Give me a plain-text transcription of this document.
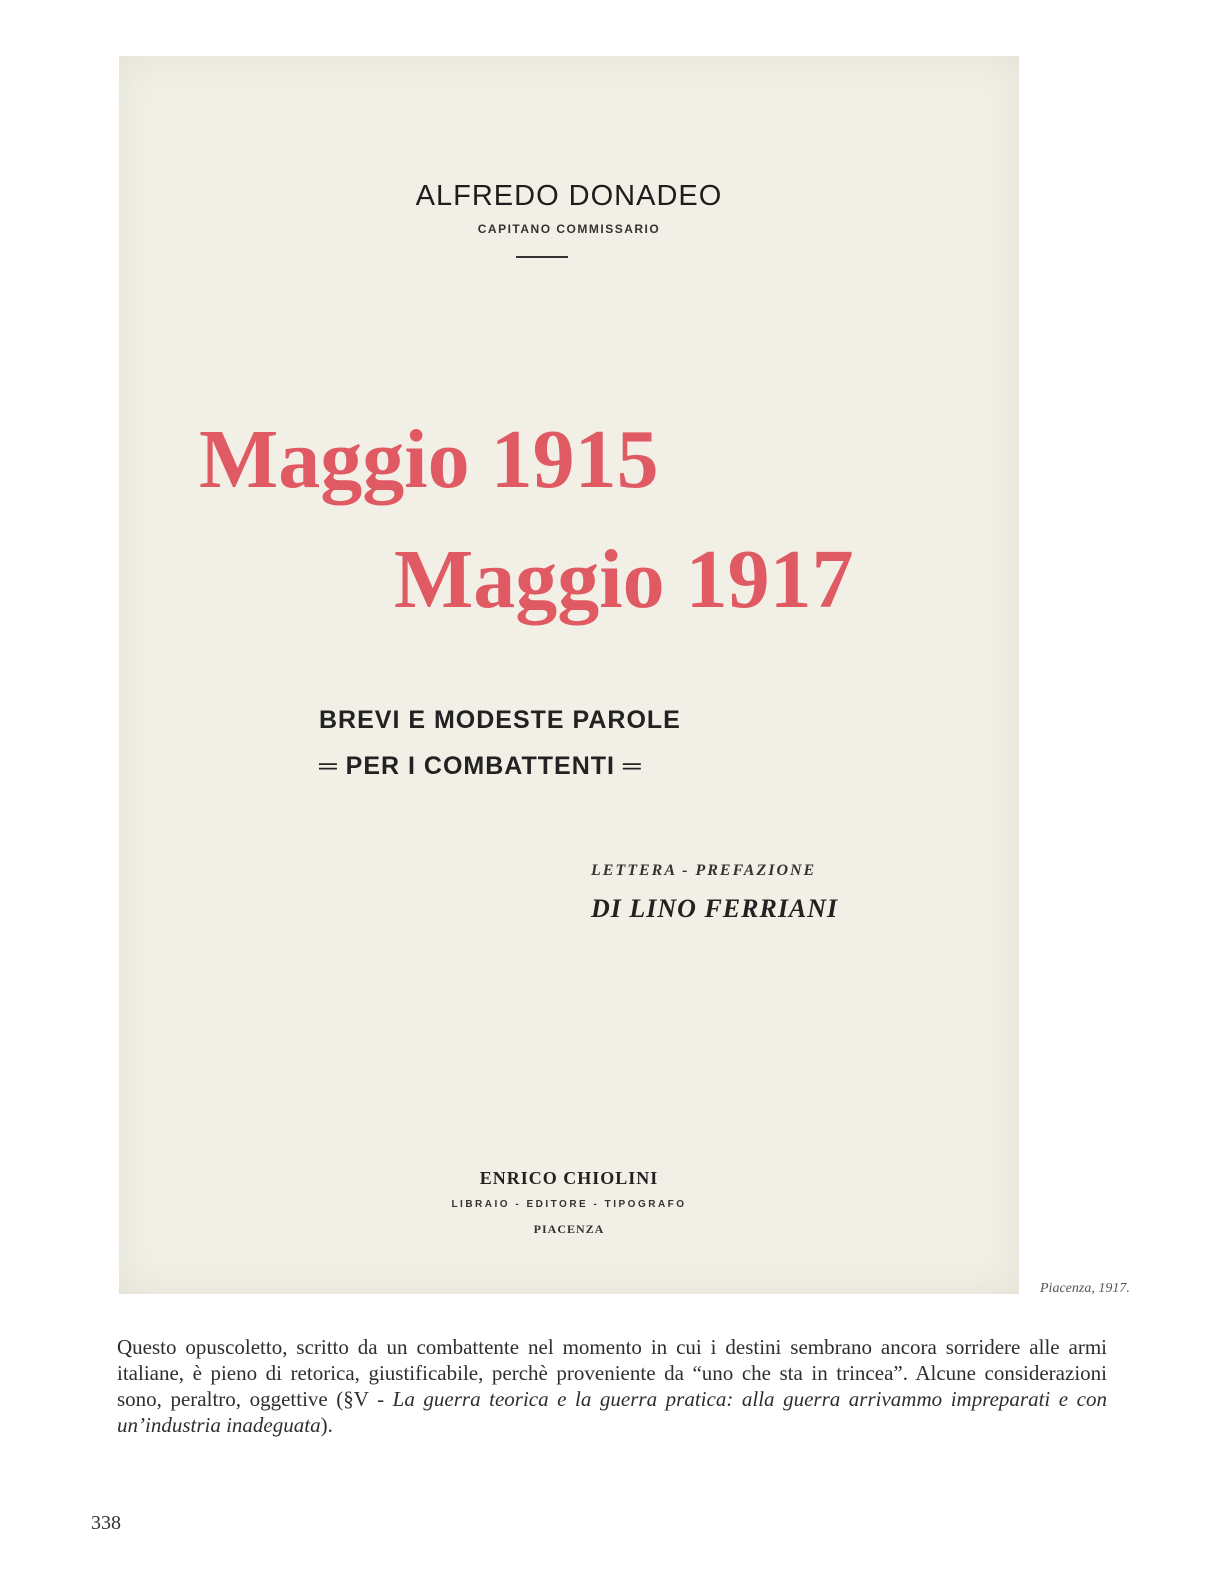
ALFREDO DONADEO
CAPITANO COMMISSARIO
Maggio 1915
Maggio 1917
BREVI E MODESTE PAROLE
═ PER I COMBATTENTI ═
LETTERA - PREFAZIONE
DI LINO FERRIANI
ENRICO CHIOLINI
LIBRAIO - EDITORE - TIPOGRAFO
PIACENZA
Piacenza, 1917.
Questo opuscoletto, scritto da un combattente nel momento in cui i destini sembrano ancora sorridere alle armi italiane, è pieno di retorica, giustificabile, perchè proveniente da “uno che sta in trincea”. Alcune considerazioni sono, peraltro, oggettive (§V - La guerra teorica e la guerra pratica: alla guerra arrivammo impreparati e con un’industria inadeguata).
338
